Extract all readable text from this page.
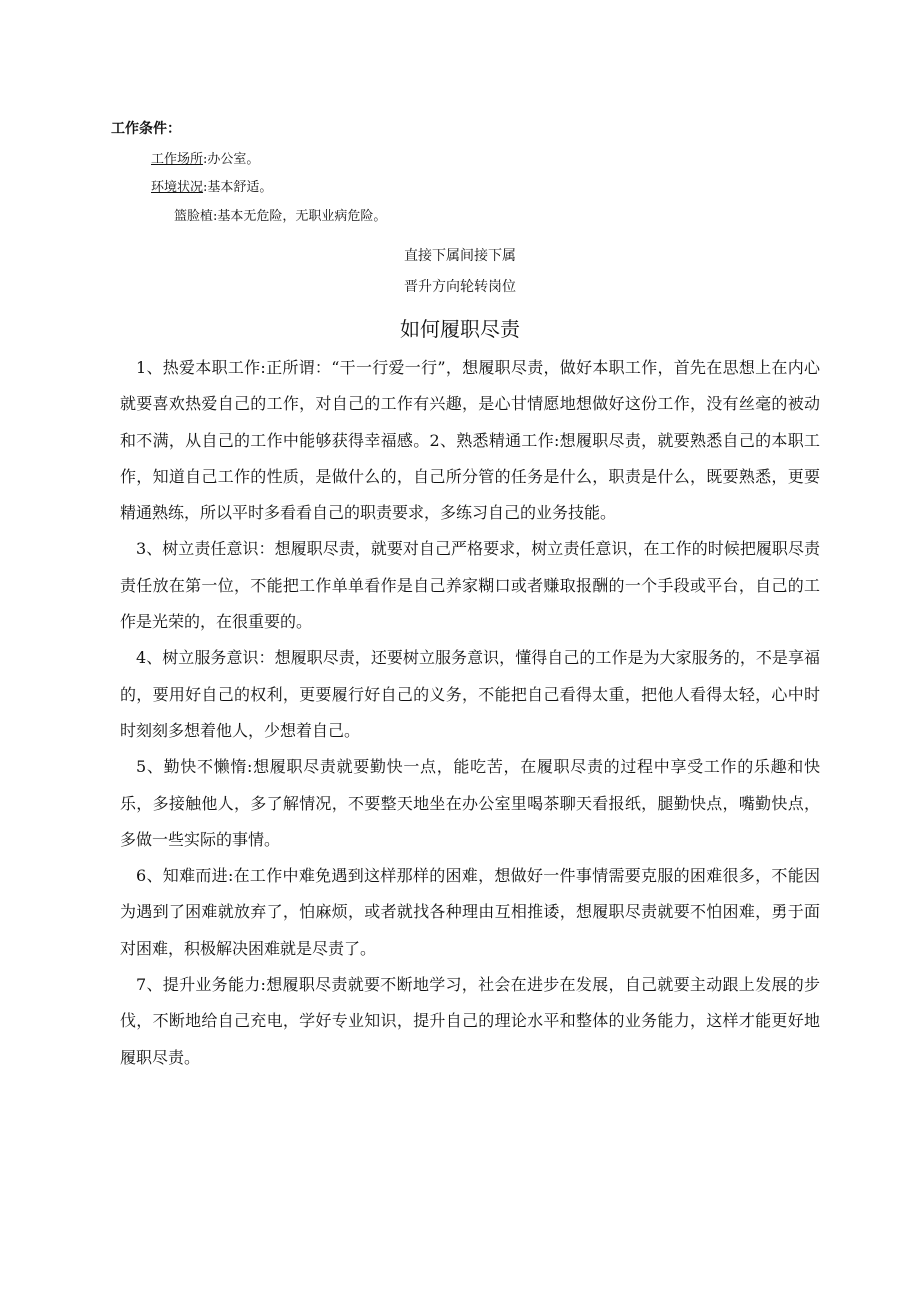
工作条件：
工作场所:办公室。
环境状况:基本舒适。
篮脸植:基本无危险，无职业病危险。
直接下属间接下属
晋升方向轮转岗位
如何履职尽责

1、热爱本职工作:正所谓：“干一行爱一行”，想履职尽责，做好本职工作，首先在思想上在内心就要喜欢热爱自己的工作，对自己的工作有兴趣，是心甘情愿地想做好这份工作，没有丝毫的被动和不满，从自己的工作中能够获得幸福感。2、熟悉精通工作:想履职尽责，就要熟悉自己的本职工作，知道自己工作的性质，是做什么的，自己所分管的任务是什么，职责是什么，既要熟悉，更要精通熟练，所以平时多看看自己的职责要求，多练习自己的业务技能。

3、树立责任意识：想履职尽责，就要对自己严格要求，树立责任意识，在工作的时候把履职尽责责任放在第一位，不能把工作单单看作是自己养家糊口或者赚取报酬的一个手段或平台，自己的工作是光荣的，在很重要的。

4、树立服务意识：想履职尽责，还要树立服务意识，懂得自己的工作是为大家服务的，不是享福的，要用好自己的权利，更要履行好自己的义务，不能把自己看得太重，把他人看得太轻，心中时时刻刻多想着他人，少想着自己。

5、勤快不懒惰:想履职尽责就要勤快一点，能吃苦，在履职尽责的过程中享受工作的乐趣和快乐，多接触他人，多了解情况，不要整天地坐在办公室里喝茶聊天看报纸，腿勤快点，嘴勤快点，多做一些实际的事情。

6、知难而进:在工作中难免遇到这样那样的困难，想做好一件事情需要克服的困难很多，不能因为遇到了困难就放弃了，怕麻烦，或者就找各种理由互相推诿，想履职尽责就要不怕困难，勇于面对困难，积极解决困难就是尽责了。

7、提升业务能力:想履职尽责就要不断地学习，社会在进步在发展，自己就要主动跟上发展的步伐，不断地给自己充电，学好专业知识，提升自己的理论水平和整体的业务能力，这样才能更好地履职尽责。
